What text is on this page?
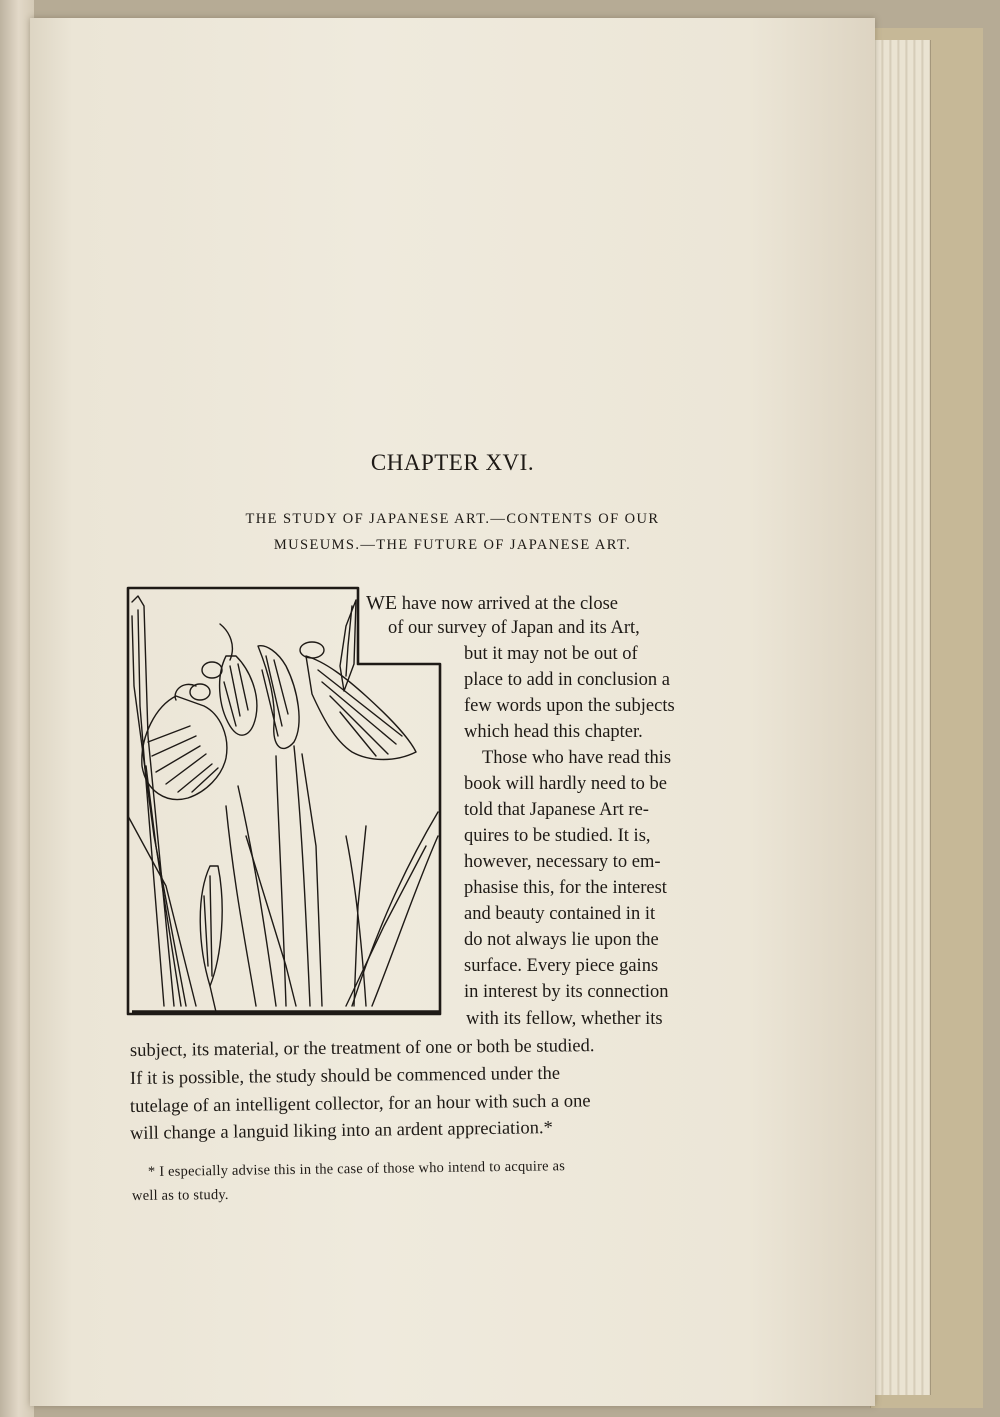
CHAPTER XVI.
THE STUDY OF JAPANESE ART.—CONTENTS OF OUR
MUSEUMS.—THE FUTURE OF JAPANESE ART.
WE have now arrived at the close
of our survey of Japan and its Art,
but it may not be out of
place to add in conclusion a
few words upon the subjects
which head this chapter.
Those who have read this
book will hardly need to be
told that Japanese Art re-
quires to be studied. It is,
however, necessary to em-
phasise this, for the interest
and beauty contained in it
do not always lie upon the
surface. Every piece gains
in interest by its connection
with its fellow, whether its
subject, its material, or the treatment of one or both be studied.
If it is possible, the study should be commenced under the
tutelage of an intelligent collector, for an hour with such a one
will change a languid liking into an ardent appreciation.*
* I especially advise this in the case of those who intend to acquire as
well as to study.
